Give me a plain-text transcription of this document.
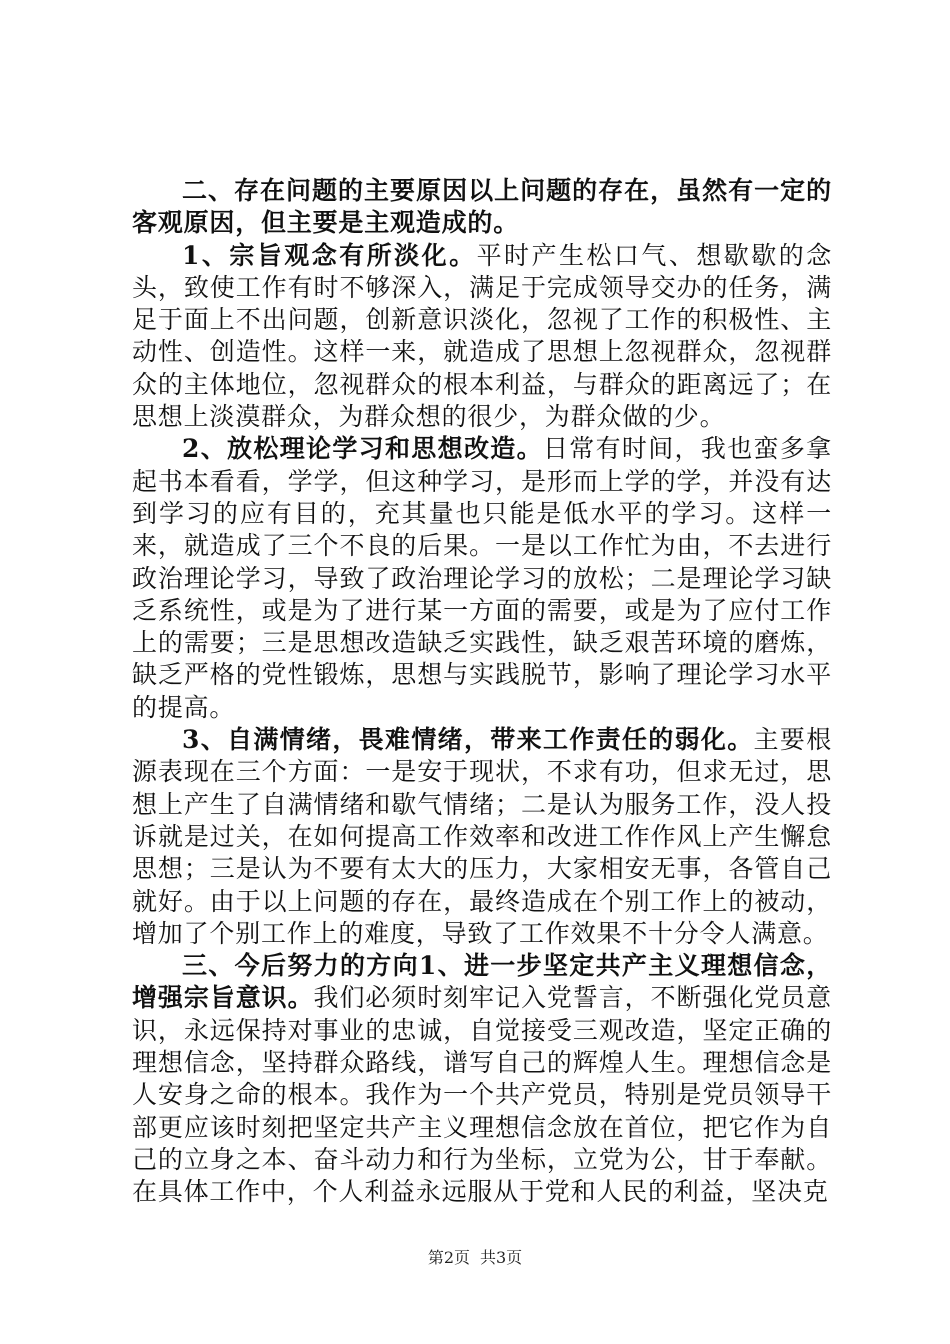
二、存在问题的主要原因以上问题的存在，虽然有一定的客观原因，但主要是主观造成的。

1、宗旨观念有所淡化。平时产生松口气、想歇歇的念头，致使工作有时不够深入，满足于完成领导交办的任务，满足于面上不出问题，创新意识淡化，忽视了工作的积极性、主动性、创造性。这样一来，就造成了思想上忽视群众，忽视群众的主体地位，忽视群众的根本利益，与群众的距离远了；在思想上淡漠群众，为群众想的很少，为群众做的少。

2、放松理论学习和思想改造。日常有时间，我也蛮多拿起书本看看，学学，但这种学习，是形而上学的学，并没有达到学习的应有目的，充其量也只能是低水平的学习。这样一来，就造成了三个不良的后果。一是以工作忙为由，不去进行政治理论学习，导致了政治理论学习的放松；二是理论学习缺乏系统性，或是为了进行某一方面的需要，或是为了应付工作上的需要；三是思想改造缺乏实践性，缺乏艰苦环境的磨炼，缺乏严格的党性锻炼，思想与实践脱节，影响了理论学习水平的提高。

3、自满情绪，畏难情绪，带来工作责任的弱化。主要根源表现在三个方面：一是安于现状，不求有功，但求无过，思想上产生了自满情绪和歇气情绪；二是认为服务工作，没人投诉就是过关，在如何提高工作效率和改进工作作风上产生懈怠思想；三是认为不要有太大的压力，大家相安无事，各管自己就好。由于以上问题的存在，最终造成在个别工作上的被动，增加了个别工作上的难度，导致了工作效果不十分令人满意。

三、今后努力的方向1、进一步坚定共产主义理想信念，增强宗旨意识。我们必须时刻牢记入党誓言，不断强化党员意识，永远保持对事业的忠诚，自觉接受三观改造，坚定正确的理想信念，坚持群众路线，谱写自己的辉煌人生。理想信念是人安身之命的根本。我作为一个共产党员，特别是党员领导干部更应该时刻把坚定共产主义理想信念放在首位，把它作为自己的立身之本、奋斗动力和行为坐标，立党为公，甘于奉献。在具体工作中，个人利益永远服从于党和人民的利益，坚决克

第2页 共3页
